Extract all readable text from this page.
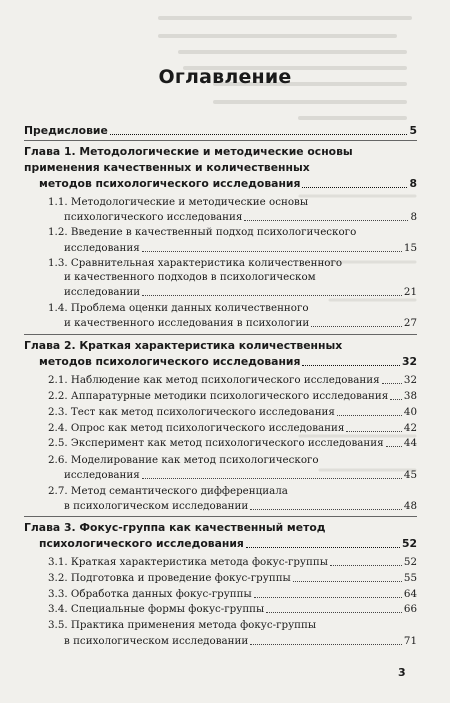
Оглавление
Предисловие	5
Глава 1. Методологические и методические основы
применения качественных и количественных
методов психологического исследования	8
1.1. Методологические и методические основы
психологического исследования	8
1.2. Введение в качественный подход психологического
исследования	15
1.3. Сравнительная характеристика количественного
и качественного подходов в психологическом
исследовании	21
1.4. Проблема оценки данных количественного
и качественного исследования в психологии	27
Глава 2. Краткая характеристика количественных
методов психологического исследования	32
2.1. Наблюдение как метод психологического исследования 32
2.2. Аппаратурные методики психологического исследования 38
2.3. Тест как метод психологического исследования	40
2.4. Опрос как метод психологического исследования	42
2.5. Эксперимент как метод психологического исследования 44
2.6. Моделирование как метод психологического
исследования	45
2.7. Метод семантического дифференциала
в психологическом исследовании	48
Глава 3. Фокус-группа как качественный метод
психологического исследования	52
3.1. Краткая характеристика метода фокус-группы	52
3.2. Подготовка и проведение фокус-группы	55
3.3. Обработка данных фокус-группы	64
3.4. Специальные формы фокус-группы	66
3.5. Практика применения метода фокус-группы
в психологическом исследовании	71
3
